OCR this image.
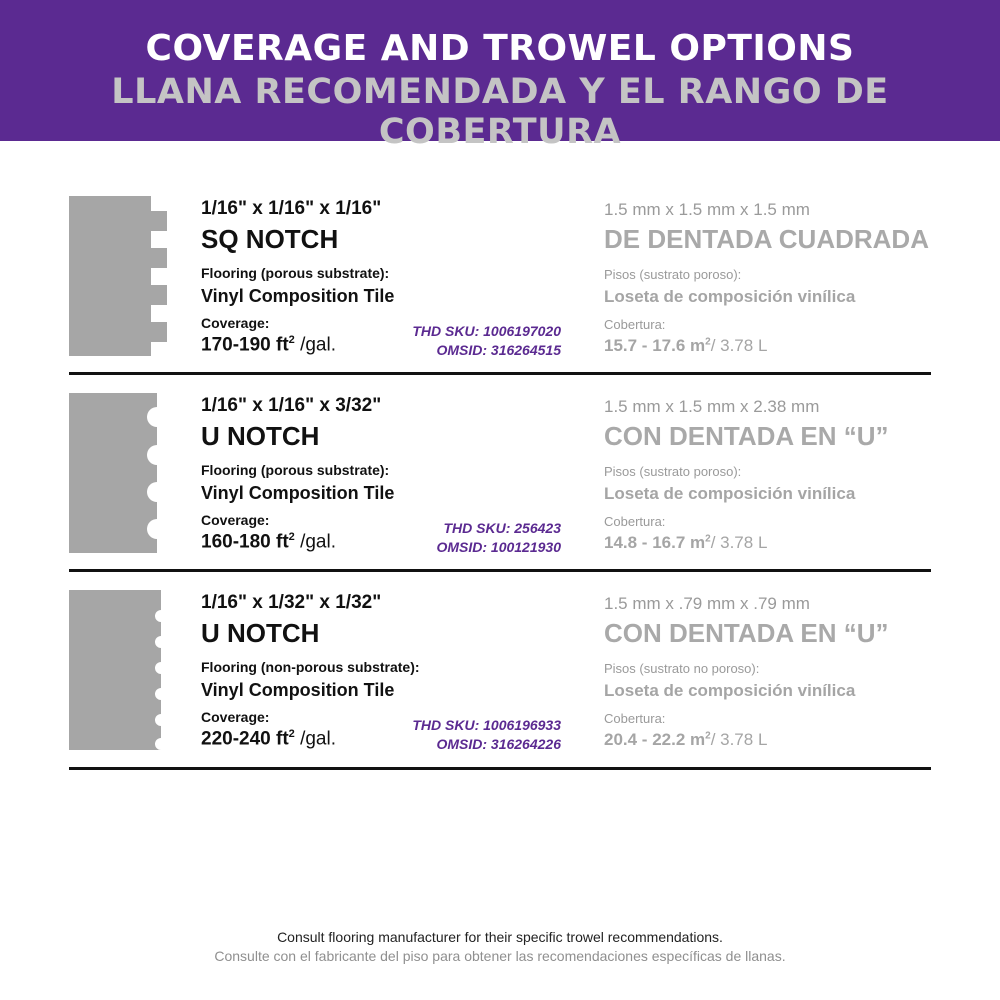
COVERAGE AND TROWEL OPTIONS
LLANA RECOMENDADA Y EL RANGO DE COBERTURA
1/16" x 1/16" x 1/16"
SQ NOTCH
Flooring (porous substrate):
Vinyl Composition Tile
Coverage:
170-190 $ft^2$ /gal.
THD SKU: 1006197020
OMSID: 316264515
1.5 mm x 1.5 mm x 1.5 mm
DE DENTADA CUADRADA
Pisos (sustrato poroso):
Loseta de composición vinílica
Cobertura:
15.7 - 17.6 $m^2/$ 3.78 L
1/16" x 1/16" x 3/32"
U NOTCH
Flooring (porous substrate):
Vinyl Composition Tile
Coverage:
160-180 $ft^2$ /gal.
THD SKU: 256423
OMSID: 100121930
1.5 mm x 1.5 mm x 2.38 mm
CON DENTADA EN “U”
Pisos (sustrato poroso):
Loseta de composición vinílica
Cobertura:
14.8 - 16.7 $m^2/$ 3.78 L
1/16" x 1/32" x 1/32"
U NOTCH
Flooring (non-porous substrate):
Vinyl Composition Tile
Coverage:
220-240 $ft^2$ /gal.
THD SKU: 1006196933
OMSID: 316264226
1.5 mm x .79 mm x .79 mm
CON DENTADA EN “U”
Pisos (sustrato no poroso):
Loseta de composición vinílica
Cobertura:
20.4 - 22.2 $m^2/$ 3.78 L
Consult flooring manufacturer for their specific trowel recommendations.
Consulte con el fabricante del piso para obtener las recomendaciones específicas de llanas.
